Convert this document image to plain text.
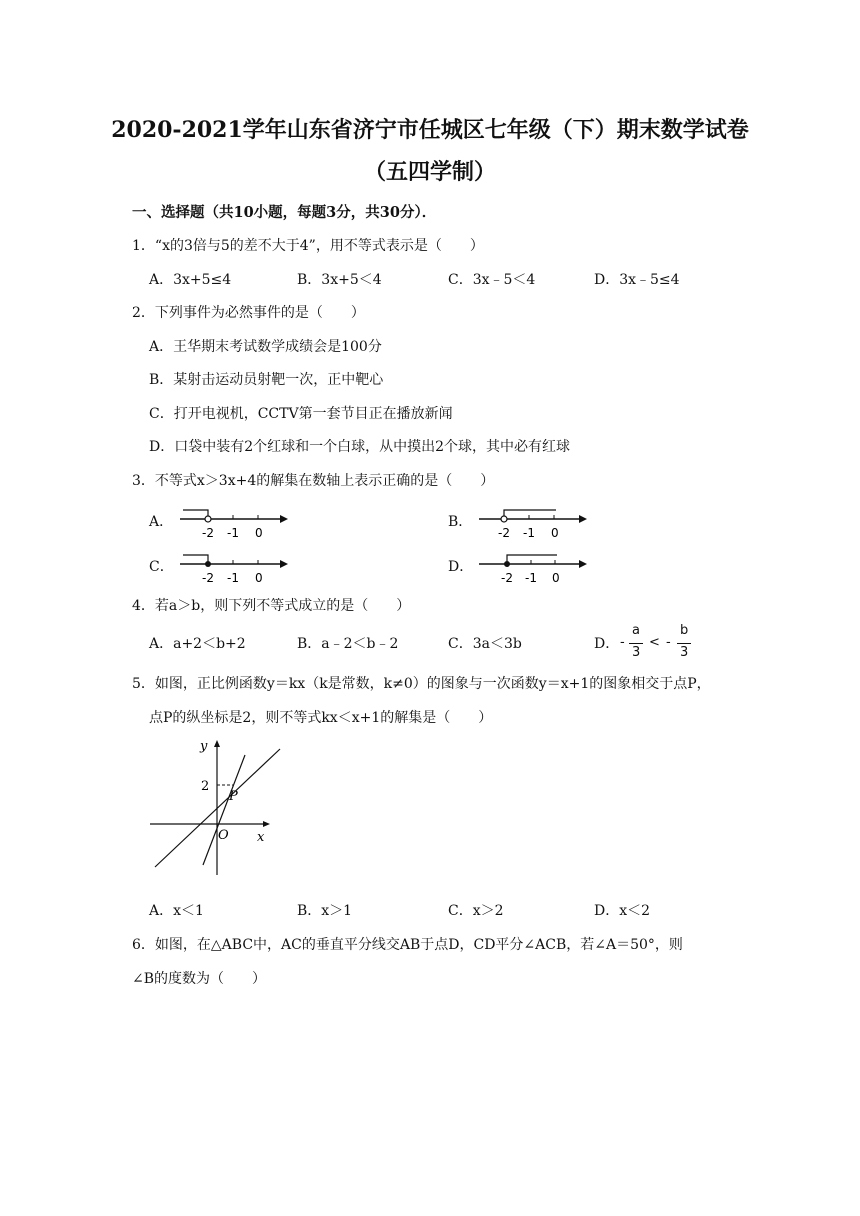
2020-2021学年山东省济宁市任城区七年级（下）期末数学试卷
（五四学制）
一、选择题（共10小题，每题3分，共30分）．
1．“x的3倍与5的差不大于4”，用不等式表示是（　　）
A．3x+5≤4	B．3x+5＜4	C．3x﹣5＜4	D．3x﹣5≤4
2．下列事件为必然事件的是（　　）
A．王华期末考试数学成绩会是100分
B．某射击运动员射靶一次，正中靶心
C．打开电视机，CCTV第一套节目正在播放新闻
D．口袋中装有2个红球和一个白球，从中摸出2个球，其中必有红球
3．不等式x＞3x+4的解集在数轴上表示正确的是（　　）
A．
-2 -1 0
B．
-2 -1 0
C．
-2 -1 0
D．
-2 -1 0
4．若a＞b，则下列不等式成立的是（　　）
A．a+2＜b+2	B．a﹣2＜b﹣2	C．3a＜3b	D． -
a
3
< -
b
3
5．如图，正比例函数y＝kx（k是常数，k≠0）的图象与一次函数y＝x+1的图象相交于点P，
点P的纵坐标是2，则不等式kx＜x+1的解集是（　　）
y
x
O
P
2
A．x＜1	B．x＞1	C．x＞2	D．x＜2
6．如图，在△ABC中，AC的垂直平分线交AB于点D，CD平分∠ACB，若∠A＝50°，则
∠B的度数为（　　）
